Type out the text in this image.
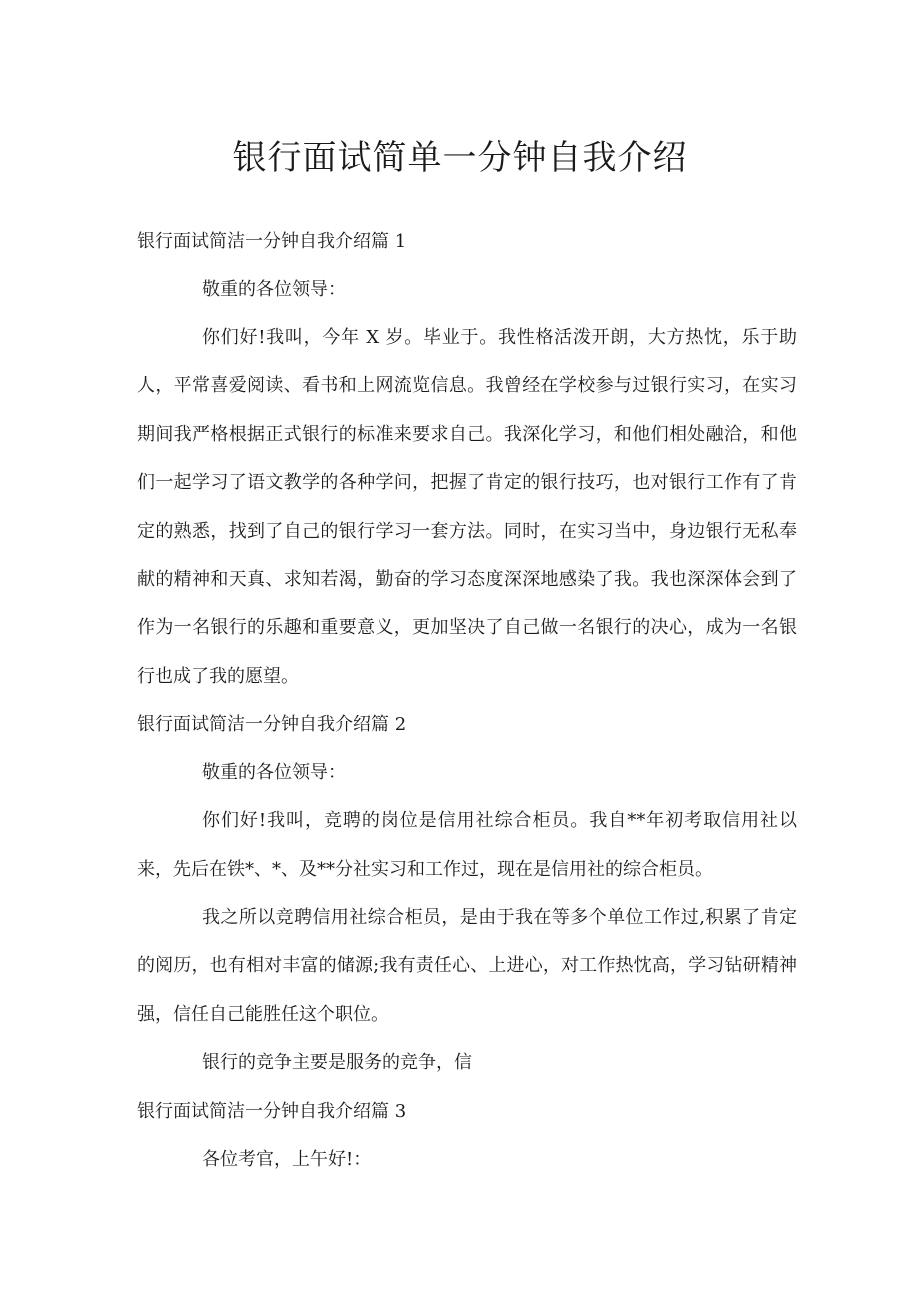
银行面试简单一分钟自我介绍
银行面试简洁一分钟自我介绍篇 1

敬重的各位领导：

你们好!我叫，今年 X 岁。毕业于。我性格活泼开朗，大方热忱，乐于助人，平常喜爱阅读、看书和上网流览信息。我曾经在学校参与过银行实习，在实习期间我严格根据正式银行的标准来要求自己。我深化学习，和他们相处融洽，和他们一起学习了语文教学的各种学问，把握了肯定的银行技巧，也对银行工作有了肯定的熟悉，找到了自己的银行学习一套方法。同时，在实习当中，身边银行无私奉献的精神和天真、求知若渴，勤奋的学习态度深深地感染了我。我也深深体会到了作为一名银行的乐趣和重要意义，更加坚决了自己做一名银行的决心，成为一名银行也成了我的愿望。

银行面试简洁一分钟自我介绍篇 2

敬重的各位领导：

你们好!我叫，竞聘的岗位是信用社综合柜员。我自**年初考取信用社以来，先后在铁*、*、及**分社实习和工作过，现在是信用社的综合柜员。

我之所以竞聘信用社综合柜员，是由于我在等多个单位工作过,积累了肯定的阅历，也有相对丰富的储源;我有责任心、上进心，对工作热忱高，学习钻研精神强，信任自己能胜任这个职位。

银行的竞争主要是服务的竞争，信

银行面试简洁一分钟自我介绍篇 3

各位考官，上午好!：
